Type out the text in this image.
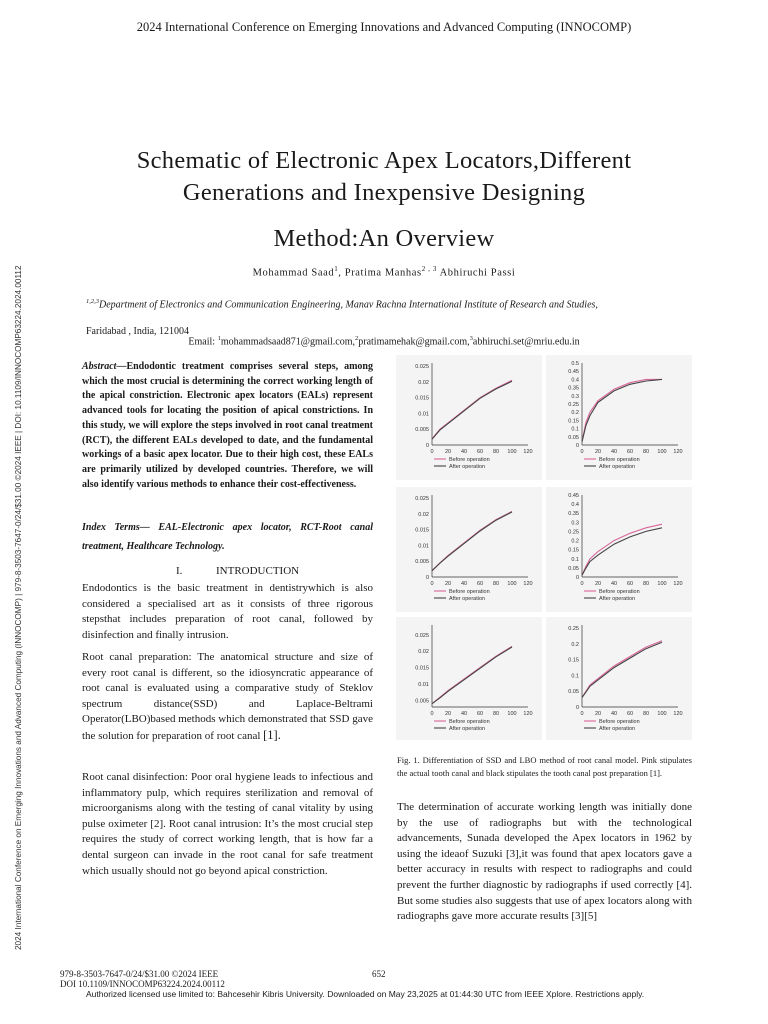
2024 International Conference on Emerging Innovations and Advanced Computing (INNOCOMP)
2024 International Conference on Emerging Innovations and Advanced Computing (INNOCOMP) | 979-8-3503-7647-0/24/$31.00 ©2024 IEEE | DOI: 10.1109/INNOCOMP63224.2024.00112
Schematic of Electronic Apex Locators,Different
Generations and Inexpensive Designing
Method:An Overview
Mohammad Saad$^1$, Pratima Manhas$^{2 , 3}$ Abhiruchi Passi
$^{1,2,3}$Department of Electronics and Communication Engineering, Manav Rachna International Institute of Research and Studies,
Faridabad , India, 121004
Email: $^1$mohammadsaad871@gmail.com,$^2$pratimamehak@gmail.com,$^3$abhiruchi.set@mriu.edu.in
Abstract—Endodontic treatment comprises several steps, among which the most crucial is determining the correct working length of the apical constriction. Electronic apex locators (EALs) represent advanced tools for locating the position of apical constrictions. In this study, we will explore the steps involved in root canal treatment (RCT), the different EALs developed to date, and the fundamental workings of a basic apex locator. Due to their high cost, these EALs are primarily utilized by developed countries. Therefore, we will also identify various methods to enhance their cost-effectiveness.
Index Terms— EAL-Electronic apex locator, RCT-Root canal treatment, Healthcare Technology.
I.	INTRODUCTION
Endodontics is the basic treatment in dentistrywhich is also considered a specialised art as it consists of three rigorous stepsthat includes preparation of root canal, followed by disinfection and finally intrusion.
Root canal preparation: The anatomical structure and size of every root canal is different, so the idiosyncratic appearance of root canal is evaluated using a comparative study of Steklov spectrum distance(SSD) and Laplace-Beltrami Operator(LBO)based methods which demonstrated that SSD gave the solution for preparation of root canal [1].
Root canal disinfection: Poor oral hygiene leads to infectious and inflammatory pulp, which requires sterilization and removal of microorganisms along with the testing of canal vitality by using pulse oximeter [2]. Root canal intrusion: It’s the most crucial step requires the study of correct working length, that is how far a dental surgeon can invade in the root canal for safe treatment which usually should not go beyond apical constriction.
0
0.005
0.01
0.015
0.02
0.025
0 20 40 60 80 100 120
Before operation
After operation
0
0.05
0.1
0.15
0.2
0.25
0.3
0.35
0.4
0.45
0.5
0 20 40 60 80 100 120
Before operation
After operation
0
0.005
0.01
0.015
0.02
0.025
0 20 40 60 80 100 120
Before operation
After operation
0
0.05
0.1
0.15
0.2
0.25
0.3
0.35
0.4
0.45
0 20 40 60 80 100 120
Before operation
After operation
0.005
0.01
0.015
0.02
0.025
0 20 40 60 80 100 120
Before operation
After operation
0
0.05
0.1
0.15
0.2
0.25
0 20 40 60 80 100 120
Before operation
After operation
Fig. 1. Differentiation of SSD and LBO method of root canal model. Pink stipulates the actual tooth canal and black stipulates the tooth canal post preparation [1].
The determination of accurate working length was initially done by the use of radiographs but with the technological advancements, Sunada developed the Apex locators in 1962 by using the ideaof Suzuki [3],it was found that apex locators gave a better accuracy in results with respect to radiographs and could prevent the further diagnostic by radiographs if used correctly [4]. But some studies also suggests that use of apex locators along with radiographs gave more accurate results [3][5]
979-8-3503-7647-0/24/$31.00 ©2024 IEEE
DOI 10.1109/INNOCOMP63224.2024.00112
652
Authorized licensed use limited to: Bahcesehir Kibris University. Downloaded on May 23,2025 at 01:44:30 UTC from IEEE Xplore. Restrictions apply.
